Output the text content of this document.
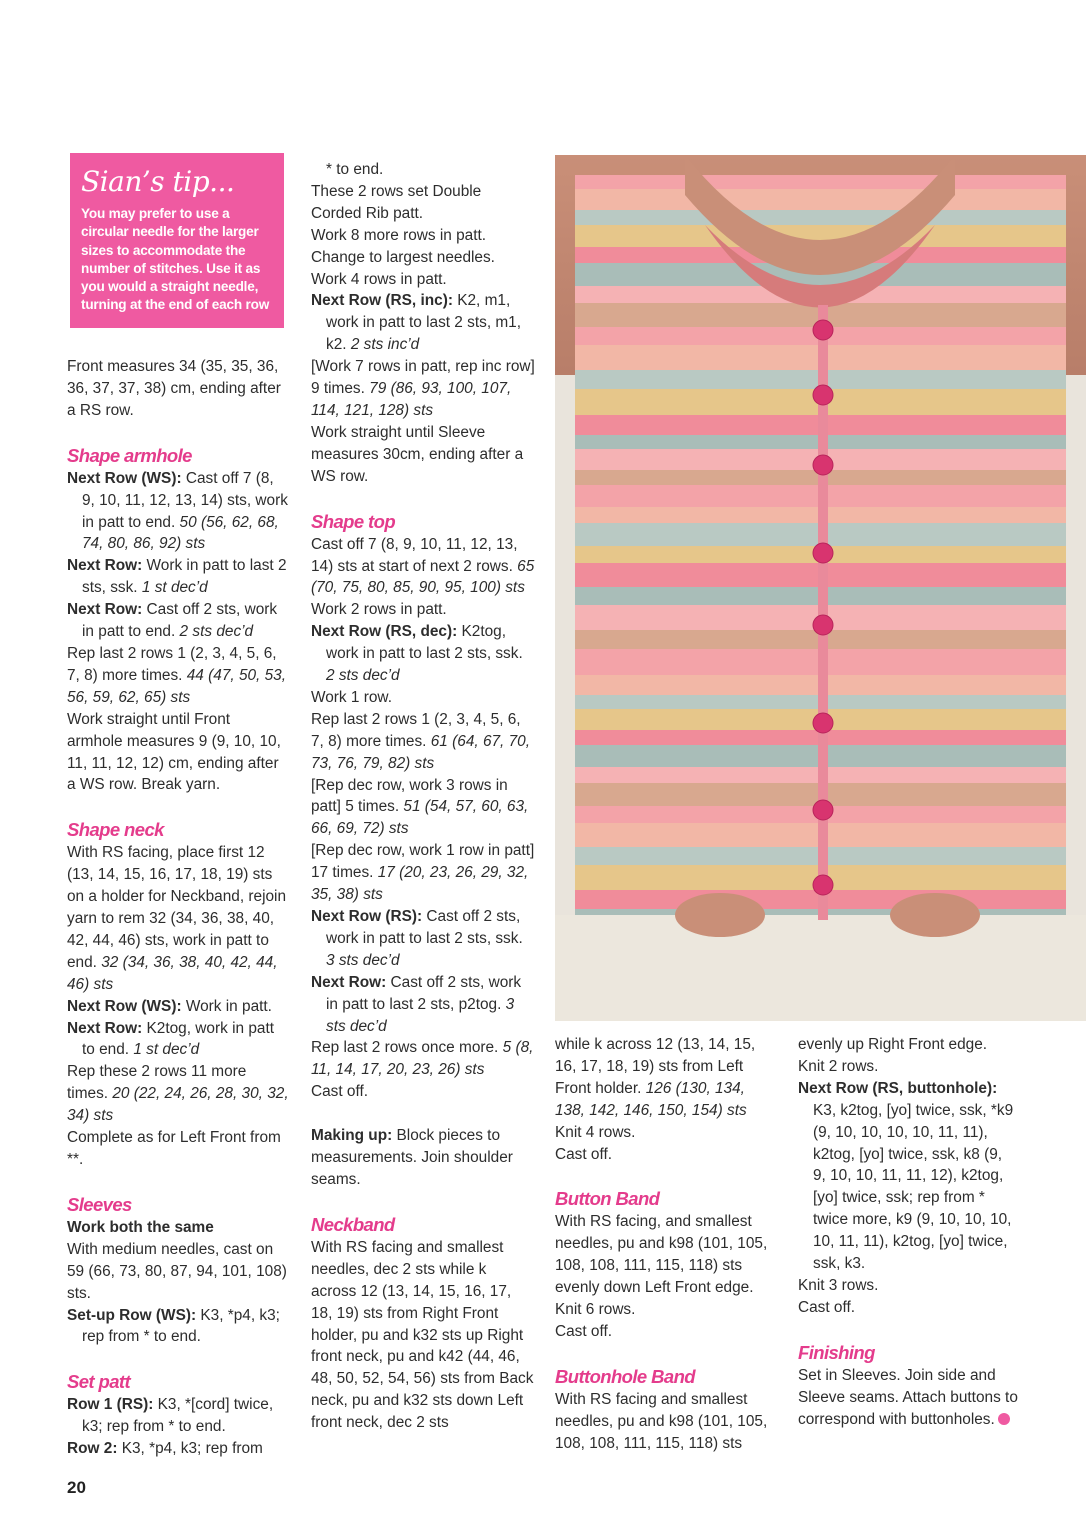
Sian’s tip...

You may prefer to use a circular needle for the larger sizes to accommodate the number of stitches. Use it as you would a straight needle, turning at the end of each row

Front measures 34 (35, 35, 36, 36, 37, 37, 38) cm, ending after a RS row.

Shape armhole

Next Row (WS): Cast off 7 (8, 9, 10, 11, 12, 13, 14) sts, work in patt to end. 50 (56, 62, 68, 74, 80, 86, 92) sts

Next Row: Work in patt to last 2 sts, ssk. 1 st dec’d

Next Row: Cast off 2 sts, work in patt to end. 2 sts dec’d

Rep last 2 rows 1 (2, 3, 4, 5, 6, 7, 8) more times. 44 (47, 50, 53, 56, 59, 62, 65) sts

Work straight until Front armhole measures 9 (9, 10, 10, 11, 11, 12, 12) cm, ending after a WS row. Break yarn.

Shape neck

With RS facing, place first 12 (13, 14, 15, 16, 17, 18, 19) sts on a holder for Neckband, rejoin yarn to rem 32 (34, 36, 38, 40, 42, 44, 46) sts, work in patt to end. 32 (34, 36, 38, 40, 42, 44, 46) sts

Next Row (WS): Work in patt.

Next Row: K2tog, work in patt to end. 1 st dec’d

Rep these 2 rows 11 more times. 20 (22, 24, 26, 28, 30, 32, 34) sts

Complete as for Left Front from **.

Sleeves

Work both the same

With medium needles, cast on 59 (66, 73, 80, 87, 94, 101, 108) sts.

Set-up Row (WS): K3, *p4, k3; rep from * to end.

Set patt

Row 1 (RS): K3, *[cord] twice, k3; rep from * to end.

Row 2: K3, *p4, k3; rep from

* to end.

These 2 rows set Double Corded Rib patt.

Work 8 more rows in patt.

Change to largest needles.

Work 4 rows in patt.

Next Row (RS, inc): K2, m1, work in patt to last 2 sts, m1, k2. 2 sts inc’d

[Work 7 rows in patt, rep inc row] 9 times. 79 (86, 93, 100, 107, 114, 121, 128) sts

Work straight until Sleeve measures 30cm, ending after a WS row.

Shape top

Cast off 7 (8, 9, 10, 11, 12, 13, 14) sts at start of next 2 rows. 65 (70, 75, 80, 85, 90, 95, 100) sts

Work 2 rows in patt.

Next Row (RS, dec): K2tog, work in patt to last 2 sts, ssk. 2 sts dec’d

Work 1 row.

Rep last 2 rows 1 (2, 3, 4, 5, 6, 7, 8) more times. 61 (64, 67, 70, 73, 76, 79, 82) sts

[Rep dec row, work 3 rows in patt] 5 times. 51 (54, 57, 60, 63, 66, 69, 72) sts

[Rep dec row, work 1 row in patt] 17 times. 17 (20, 23, 26, 29, 32, 35, 38) sts

Next Row (RS): Cast off 2 sts, work in patt to last 2 sts, ssk. 3 sts dec’d

Next Row: Cast off 2 sts, work in patt to last 2 sts, p2tog. 3 sts dec’d

Rep last 2 rows once more. 5 (8, 11, 14, 17, 20, 23, 26) sts

Cast off.

Making up: Block pieces to measurements. Join shoulder seams.

Neckband

With RS facing and smallest needles, dec 2 sts while k across 12 (13, 14, 15, 16, 17, 18, 19) sts from Right Front holder, pu and k32 sts up Right front neck, pu and k42 (44, 46, 48, 50, 52, 54, 56) sts from Back neck, pu and k32 sts down Left front neck, dec 2 sts

while k across 12 (13, 14, 15, 16, 17, 18, 19) sts from Left Front holder. 126 (130, 134, 138, 142, 146, 150, 154) sts

Knit 4 rows.

Cast off.

Button Band

With RS facing, and smallest needles, pu and k98 (101, 105, 108, 108, 111, 115, 118) sts evenly down Left Front edge.

Knit 6 rows.

Cast off.

Buttonhole Band

With RS facing and smallest needles, pu and k98 (101, 105, 108, 108, 111, 115, 118) sts

evenly up Right Front edge.

Knit 2 rows.

Next Row (RS, buttonhole):

K3, k2tog, [yo] twice, ssk, *k9 (9, 10, 10, 10, 10, 11, 11), k2tog, [yo] twice, ssk, k8 (9, 9, 10, 10, 11, 11, 12), k2tog, [yo] twice, ssk; rep from * twice more, k9 (9, 10, 10, 10, 10, 11, 11), k2tog, [yo] twice, ssk, k3.

Knit 3 rows.

Cast off.

Finishing

Set in Sleeves. Join side and Sleeve seams. Attach buttons to correspond with buttonholes.

20
